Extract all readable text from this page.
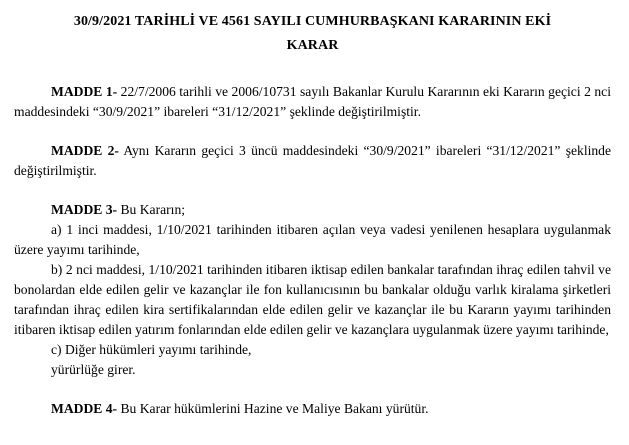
30/9/2021 TARİHLİ VE 4561 SAYILI CUMHURBAŞKANI KARARININ EKİ

KARAR

MADDE 1- 22/7/2006 tarihli ve 2006/10731 sayılı Bakanlar Kurulu Kararının eki Kararın geçici 2 nci maddesindeki “30/9/2021” ibareleri “31/12/2021” şeklinde değiştirilmiştir.

MADDE 2- Aynı Kararın geçici 3 üncü maddesindeki “30/9/2021” ibareleri “31/12/2021” şeklinde değiştirilmiştir.

MADDE 3- Bu Kararın;

a) 1 inci maddesi, 1/10/2021 tarihinden itibaren açılan veya vadesi yenilenen hesaplara uygulanmak üzere yayımı tarihinde,

b) 2 nci maddesi, 1/10/2021 tarihinden itibaren iktisap edilen bankalar tarafından ihraç edilen tahvil ve bonolardan elde edilen gelir ve kazançlar ile fon kullanıcısının bu bankalar olduğu varlık kiralama şirketleri tarafından ihraç edilen kira sertifikalarından elde edilen gelir ve kazançlar ile bu Kararın yayımı tarihinden itibaren iktisap edilen yatırım fonlarından elde edilen gelir ve kazançlara uygulanmak üzere yayımı tarihinde,

c) Diğer hükümleri yayımı tarihinde,

yürürlüğe girer.

MADDE 4- Bu Karar hükümlerini Hazine ve Maliye Bakanı yürütür.
